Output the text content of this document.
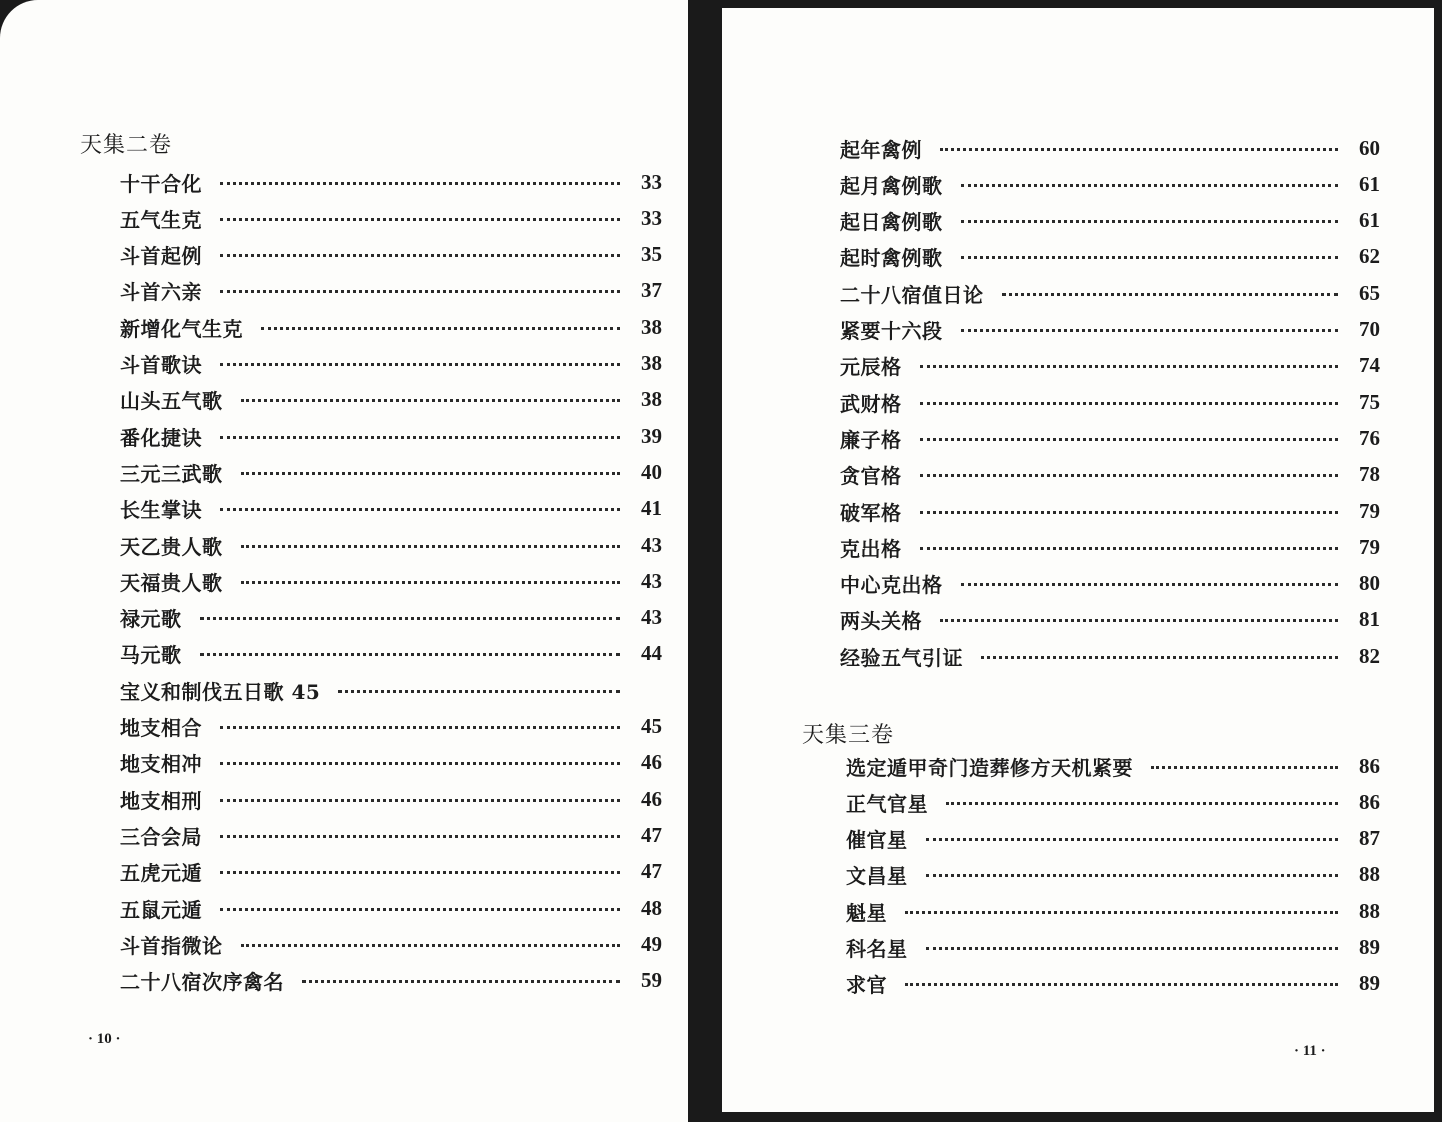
天集二卷
十干合化	33
五气生克	33
斗首起例	35
斗首六亲	37
新增化气生克	38
斗首歌诀	38
山头五气歌	38
番化捷诀	39
三元三武歌	40
长生掌诀	41
天乙贵人歌	43
天福贵人歌	43
禄元歌	43
马元歌	44
宝义和制伐五日歌 45
地支相合	45
地支相冲	46
地支相刑	46
三合会局	47
五虎元遁	47
五鼠元遁	48
斗首指微论	49
二十八宿次序禽名	59
· 10 ·
起年禽例	60
起月禽例歌	61
起日禽例歌	61
起时禽例歌	62
二十八宿值日论	65
紧要十六段	70
元辰格	74
武财格	75
廉子格	76
贪官格	78
破军格	79
克出格	79
中心克出格	80
两头关格	81
经验五气引证	82
天集三卷
选定遁甲奇门造葬修方天机紧要	86
正气官星	86
催官星	87
文昌星	88
魁星	88
科名星	89
求官	89
· 11 ·
